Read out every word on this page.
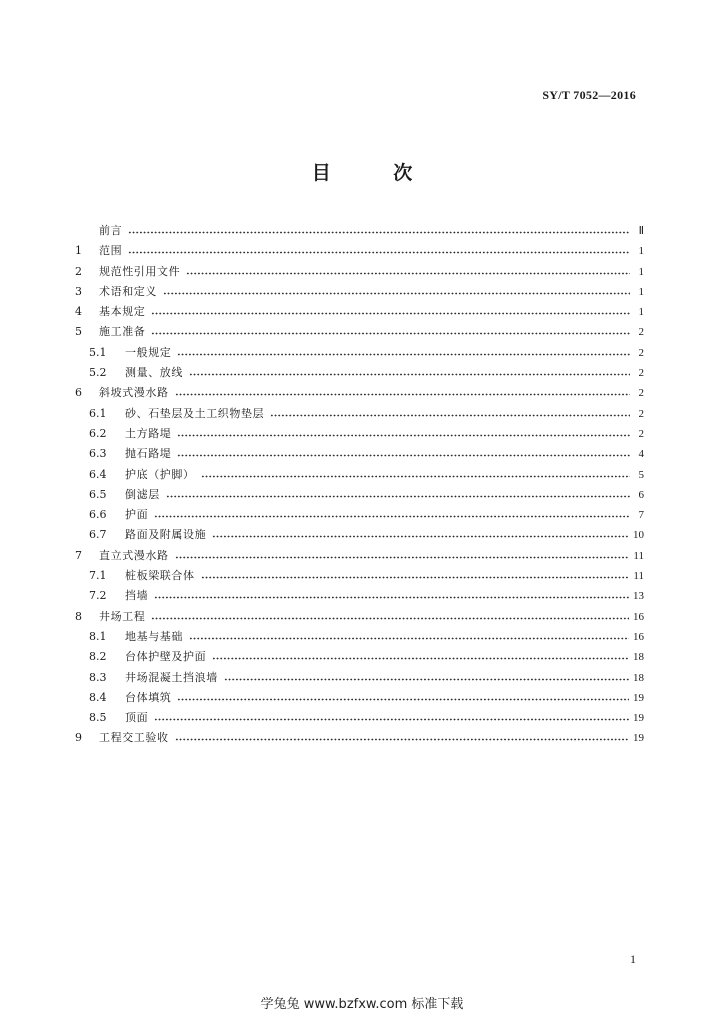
SY/T 7052—2016
目 次
前言	Ⅱ
1	范围	1
2	规范性引用文件	1
3	术语和定义	1
4	基本规定	1
5	施工准备	2
5.1	一般规定	2
5.2	测量、放线	2
6	斜坡式漫水路	2
6.1	砂、石垫层及土工织物垫层	2
6.2	土方路堤	2
6.3	抛石路堤	4
6.4	护底（护脚）	5
6.5	倒滤层	6
6.6	护面	7
6.7	路面及附属设施	10
7	直立式漫水路	11
7.1	桩板梁联合体	11
7.2	挡墙	13
8	井场工程	16
8.1	地基与基础	16
8.2	台体护壁及护面	18
8.3	井场混凝土挡浪墙	18
8.4	台体填筑	19
8.5	顶面	19
9	工程交工验收	19
1
学兔兔 www.bzfxw.com 标准下载
